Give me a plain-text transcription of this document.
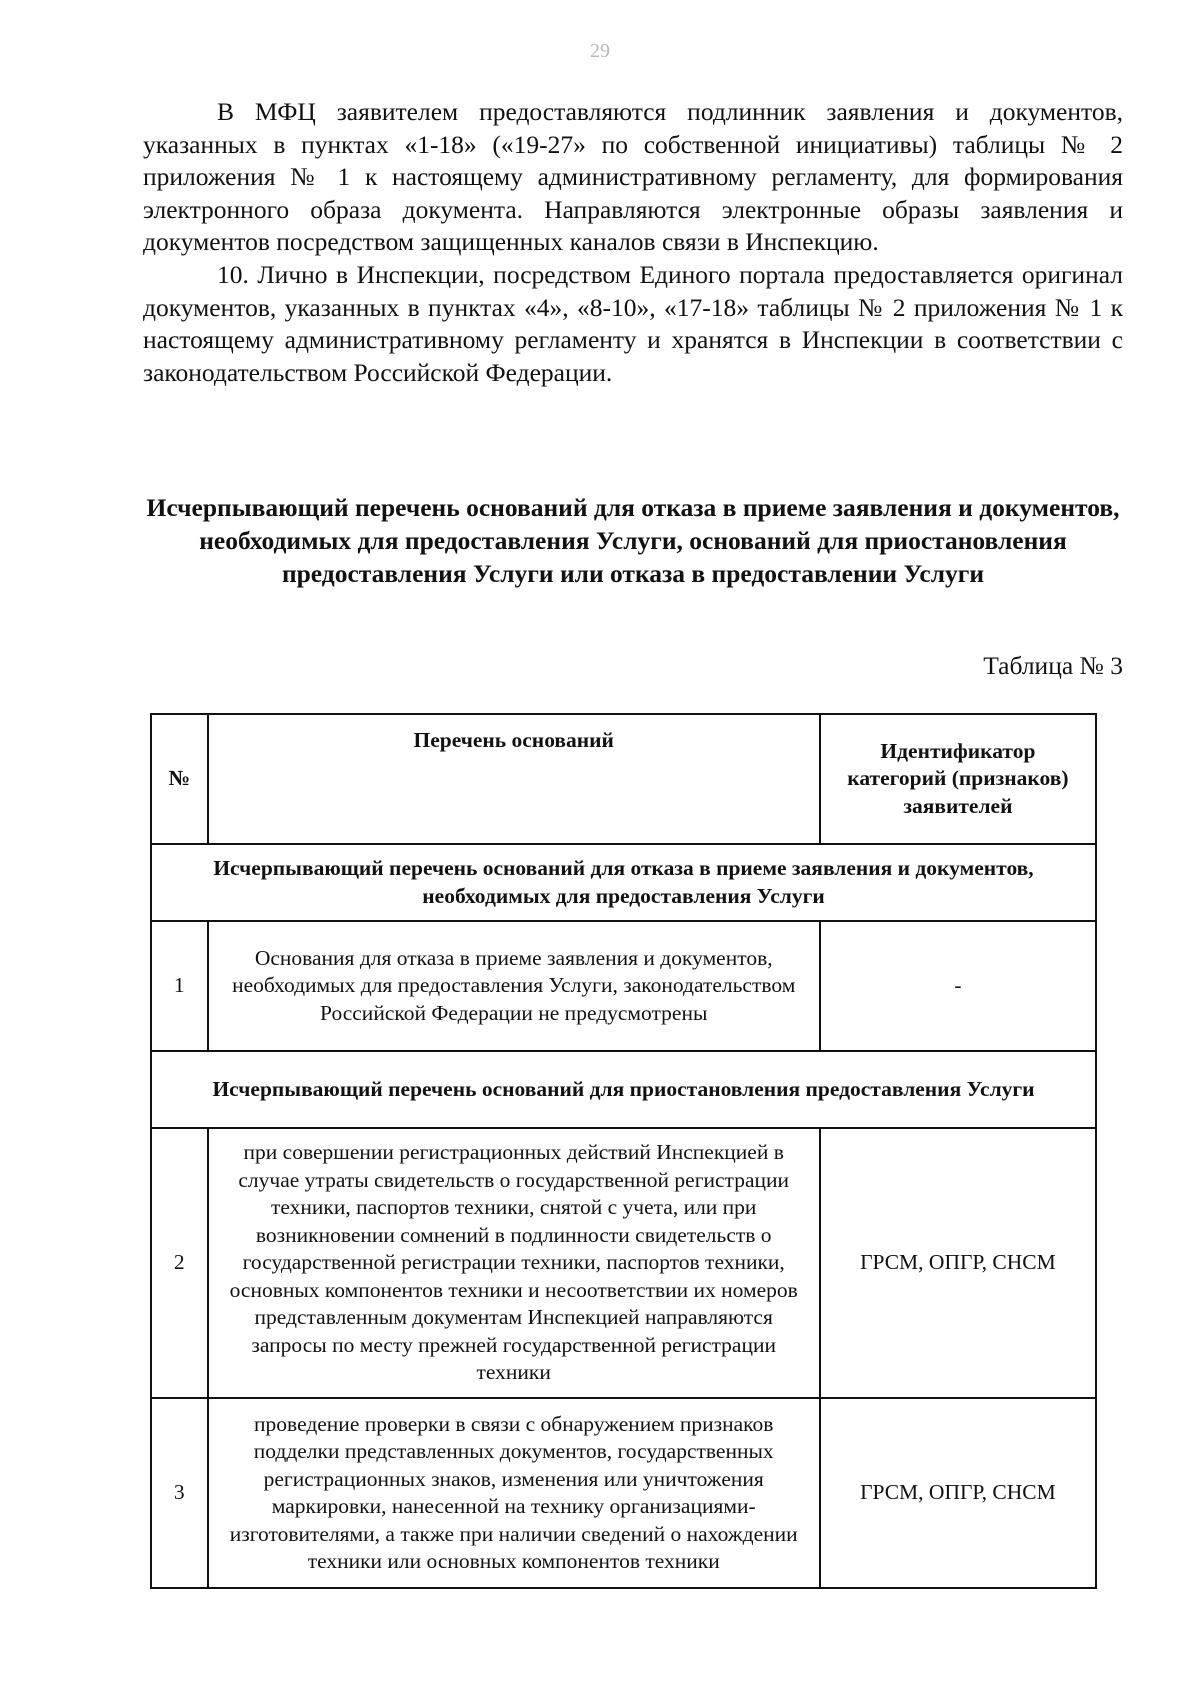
29

В МФЦ заявителем предоставляются подлинник заявления и документов, указанных в пунктах «1-18» («19-27» по собственной инициативы) таблицы № 2 приложения № 1 к настоящему административному регламенту, для формирования электронного образа документа. Направляются электронные образы заявления и документов посредством защищенных каналов связи в Инспекцию.

10. Лично в Инспекции, посредством Единого портала предоставляется оригинал документов, указанных в пунктах «4», «8-10», «17-18» таблицы № 2 приложения № 1 к настоящему административному регламенту и хранятся в Инспекции в соответствии с законодательством Российской Федерации.

Исчерпывающий перечень оснований для отказа в приеме заявления и документов, необходимых для предоставления Услуги, оснований для приостановления предоставления Услуги или отказа в предоставлении Услуги
Таблица № 3
№	Перечень оснований	Идентификатор категорий (признаков) заявителей
Исчерпывающий перечень оснований для отказа в приеме заявления и документов, необходимых для предоставления Услуги		
1	Основания для отказа в приеме заявления и документов, необходимых для предоставления Услуги, законодательством Российской Федерации не предусмотрены	-
Исчерпывающий перечень оснований для приостановления предоставления Услуги		
2	при совершении регистрационных действий Инспекцией в случае утраты свидетельств о государственной регистрации техники, паспортов техники, снятой с учета, или при возникновении сомнений в подлинности свидетельств о государственной регистрации техники, паспортов техники, основных компонентов техники и несоответствии их номеров представленным документам Инспекцией направляются запросы по месту прежней государственной регистрации техники	ГРСМ, ОПГР, СНСМ
3	проведение проверки в связи с обнаружением признаков подделки представленных документов, государственных регистрационных знаков, изменения или уничтожения маркировки, нанесенной на технику организациями-изготовителями, а также при наличии сведений о нахождении техники или основных компонентов техники	ГРСМ, ОПГР, СНСМ
